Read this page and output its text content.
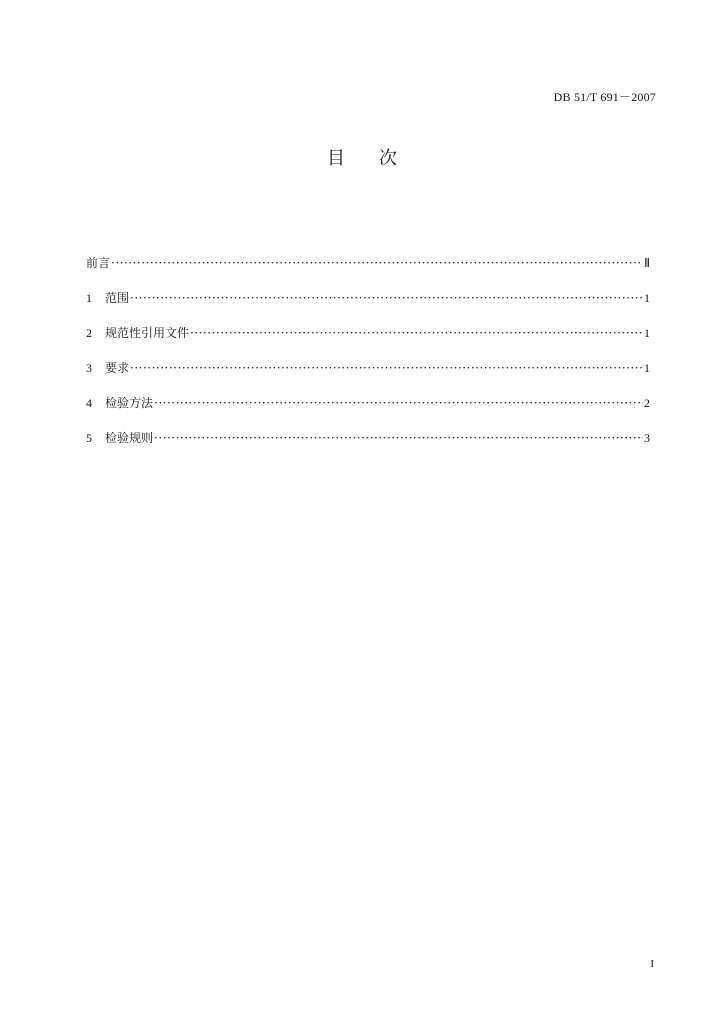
DB 51/T 691－2007
目 次
前言 ·····	Ⅱ
1	范围 ·····	1
2	规范性引用文件 ·····	1
3	要求 ·····	1
4	检验方法 ·····	2
5	检验规则 ·····	3
I
